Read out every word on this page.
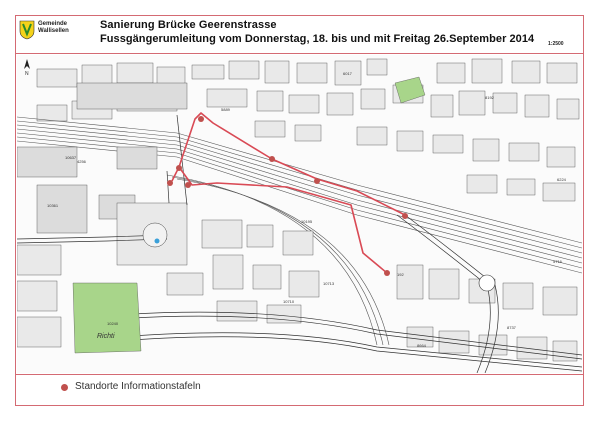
Gemeinde
Wallisellen	Sanierung Brücke Geerenstrasse
Fussgängerumleitung vom Donnerstag, 18. bis und mit Freitag 26.September 2014	1:2500
N
Richti
10240
10361
10637
4256
10195
10710
192
6017
5889
8664
8737
6224
5716
8192
10713
Standorte Informationstafeln
